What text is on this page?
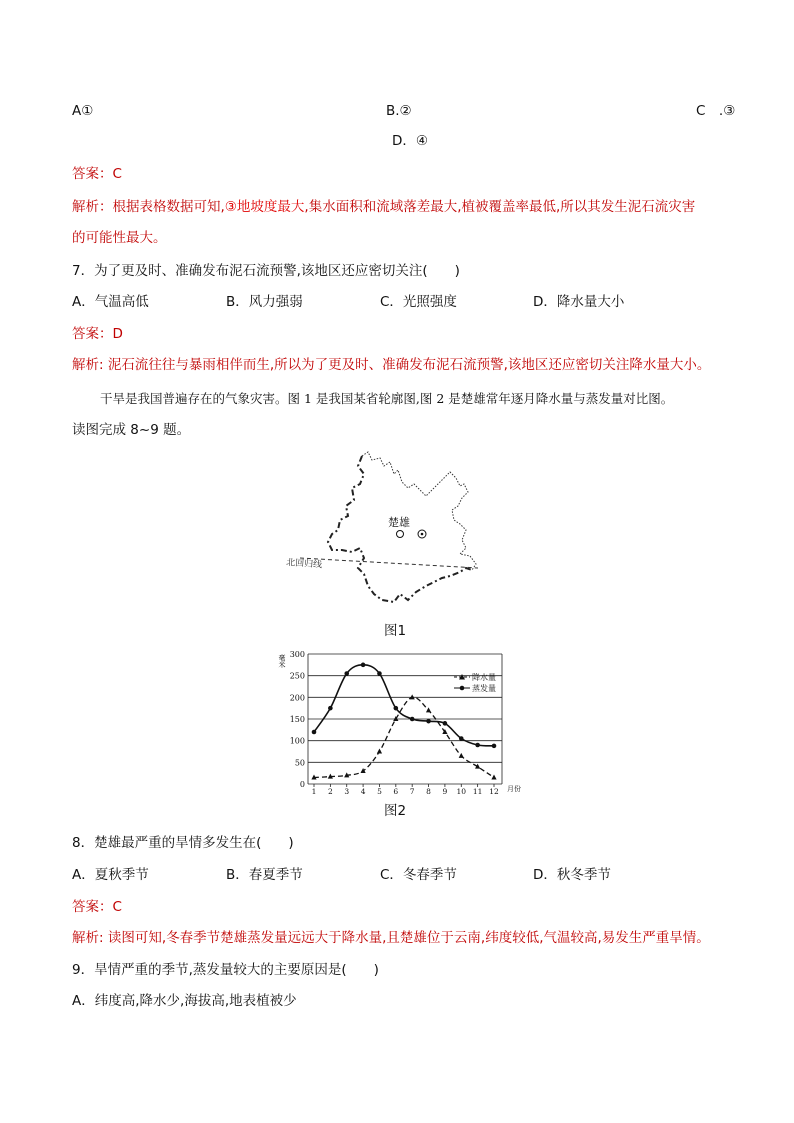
A①	B.②	C　.③
D．④
答案：C
解析：根据表格数据可知,③地坡度最大,集水面积和流域落差最大,植被覆盖率最低,所以其发生泥石流灾害
的可能性最大。
7．为了更及时、准确发布泥石流预警,该地区还应密切关注(　　)
A．气温高低	B．风力强弱	C．光照强度	D．降水量大小
答案：D
解析: 泥石流往往与暴雨相伴而生,所以为了更及时、准确发布泥石流预警,该地区还应密切关注降水量大小。
干旱是我国普遍存在的气象灾害。图 1 是我国某省轮廓图,图 2 是楚雄常年逐月降水量与蒸发量对比图。
读图完成 8~9 题。
北回归线
楚雄
图1
0
50
100
150
200
250
300
1 2 3 4 5 6 7 8 9 10 11 12
降水量
蒸发量
毫米
月份
图2
8．楚雄最严重的旱情多发生在(　　)
A．夏秋季节	B．春夏季节	C．冬春季节	D．秋冬季节
答案：C
解析: 读图可知,冬春季节楚雄蒸发量远远大于降水量,且楚雄位于云南,纬度较低,气温较高,易发生严重旱情。
9．旱情严重的季节,蒸发量较大的主要原因是(　　)
A．纬度高,降水少,海拔高,地表植被少
